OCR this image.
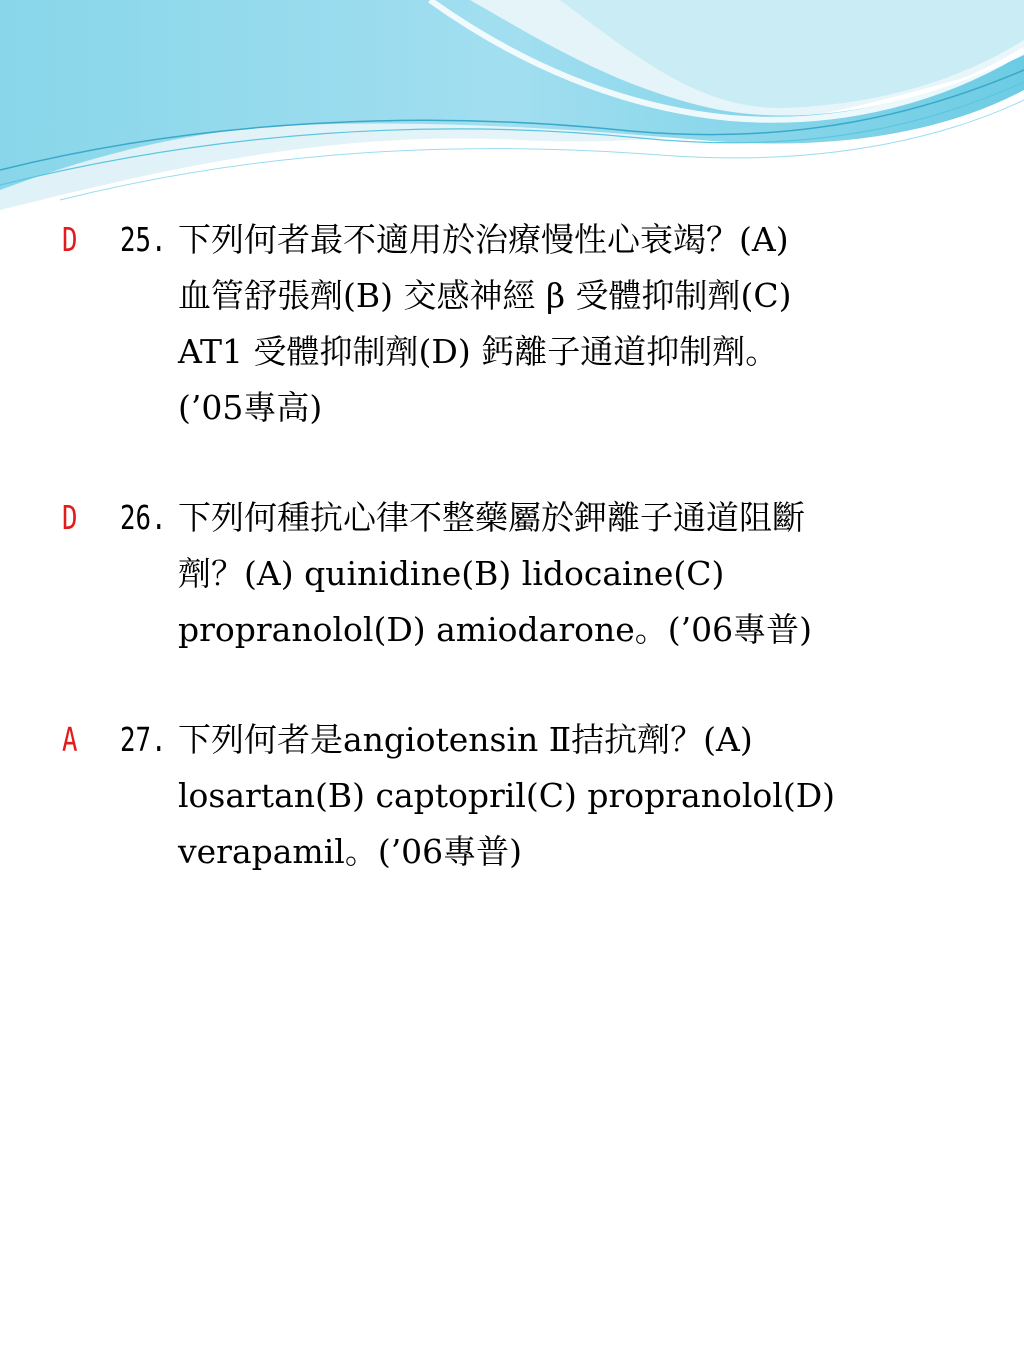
D 25. 下列何者最不適用於治療慢性心衰竭？(A)
血管舒張劑(B) 交感神經 β 受體抑制劑(C)
AT1 受體抑制劑(D) 鈣離子通道抑制劑。
(’05專高)
D 26. 下列何種抗心律不整藥屬於鉀離子通道阻斷
劑？(A) quinidine(B) lidocaine(C)
propranolol(D) amiodarone。(’06專普)
A 27. 下列何者是angiotensin Ⅱ拮抗劑？(A)
losartan(B) captopril(C) propranolol(D)
verapamil。(’06專普)
